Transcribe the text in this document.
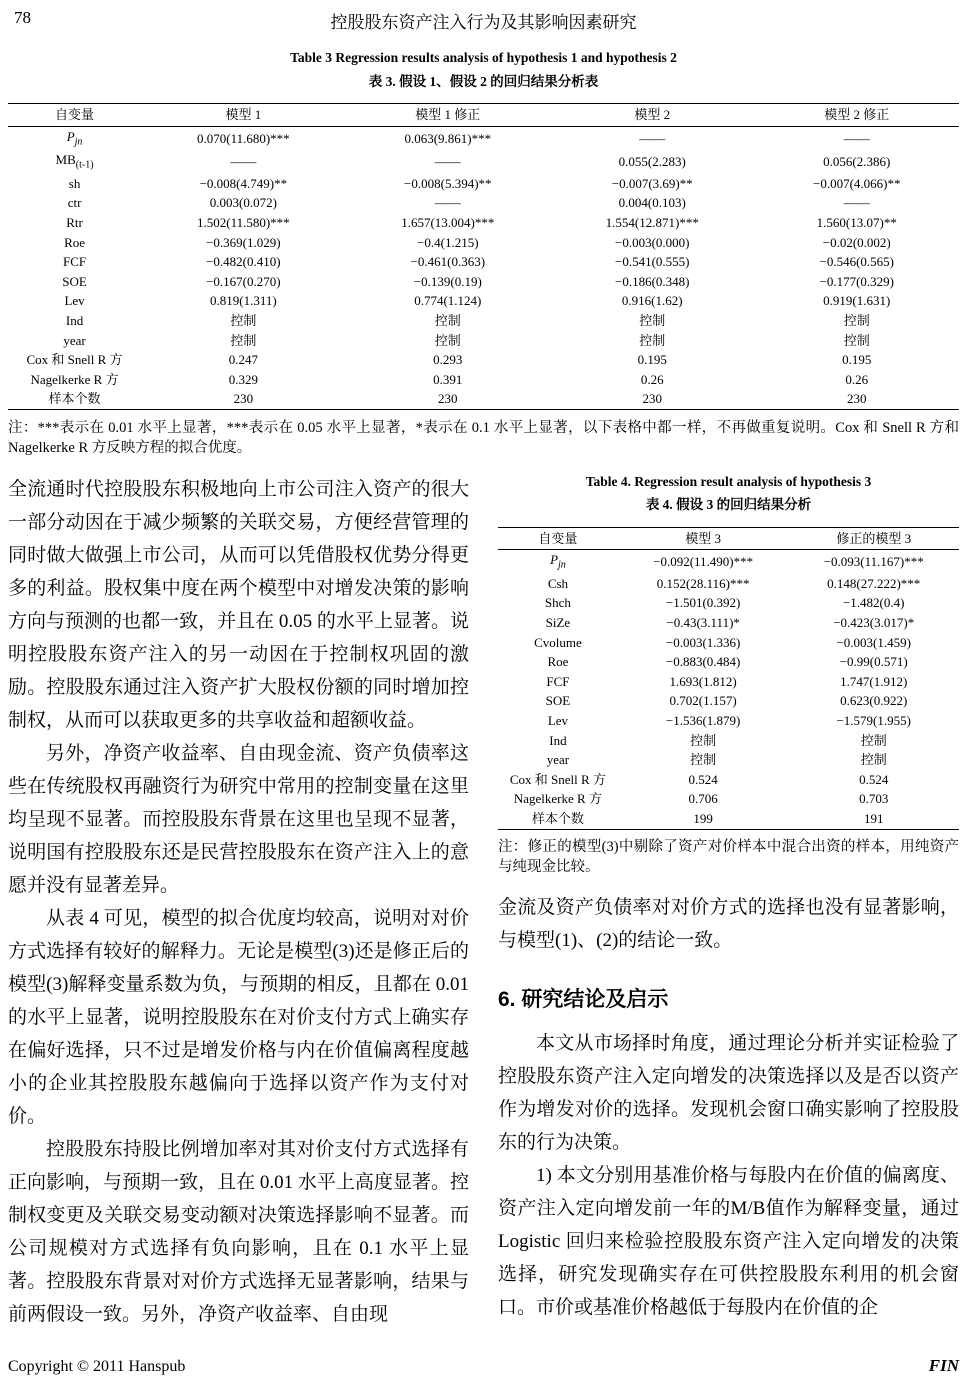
78	控股股东资产注入行为及其影响因素研究
Table 3 Regression results analysis of hypothesis 1 and hypothesis 2
表 3. 假设 1、假设 2 的回归结果分析表
自变量	模型 1	模型 1 修正	模型 2	模型 2 修正
$P_{jn}$	0.070(11.680)***	0.063(9.861)***	——	——
$MB_{(t-1)}$	——	——	0.055(2.283)	0.056(2.386)
sh	−0.008(4.749)**	−0.008(5.394)**	−0.007(3.69)**	−0.007(4.066)**
ctr	0.003(0.072)	——	0.004(0.103)	——
Rtr	1.502(11.580)***	1.657(13.004)***	1.554(12.871)***	1.560(13.07)**
Roe	−0.369(1.029)	−0.4(1.215)	−0.003(0.000)	−0.02(0.002)
FCF	−0.482(0.410)	−0.461(0.363)	−0.541(0.555)	−0.546(0.565)
SOE	−0.167(0.270)	−0.139(0.19)	−0.186(0.348)	−0.177(0.329)
Lev	0.819(1.311)	0.774(1.124)	0.916(1.62)	0.919(1.631)
Ind	控制	控制	控制	控制
year	控制	控制	控制	控制
Cox 和 Snell R 方	0.247	0.293	0.195	0.195
Nagelkerke R 方	0.329	0.391	0.26	0.26
样本个数	230	230	230	230

注：***表示在 0.01 水平上显著，***表示在 0.05 水平上显著，*表示在 0.1 水平上显著，以下表格中都一样，不再做重复说明。Cox 和 Snell R 方和 Nagelkerke R 方反映方程的拟合优度。

全流通时代控股股东积极地向上市公司注入资产的很大一部分动因在于减少频繁的关联交易，方便经营管理的同时做大做强上市公司，从而可以凭借股权优势分得更多的利益。股权集中度在两个模型中对增发决策的影响方向与预测的也都一致，并且在 0.05 的水平上显著。说明控股股东资产注入的另一动因在于控制权巩固的激励。控股股东通过注入资产扩大股权份额的同时增加控制权，从而可以获取更多的共享收益和超额收益。

另外，净资产收益率、自由现金流、资产负债率这些在传统股权再融资行为研究中常用的控制变量在这里均呈现不显著。而控股股东背景在这里也呈现不显著，说明国有控股股东还是民营控股股东在资产注入上的意愿并没有显著差异。

从表 4 可见，模型的拟合优度均较高，说明对对价方式选择有较好的解释力。无论是模型(3)还是修正后的模型(3)解释变量系数为负，与预期的相反，且都在 0.01 的水平上显著，说明控股股东在对价支付方式上确实存在偏好选择，只不过是增发价格与内在价值偏离程度越小的企业其控股股东越偏向于选择以资产作为支付对价。

控股股东持股比例增加率对其对价支付方式选择有正向影响，与预期一致，且在 0.01 水平上高度显著。控制权变更及关联交易变动额对决策选择影响不显著。而公司规模对方式选择有负向影响，且在 0.1 水平上显著。控股股东背景对对价方式选择无显著影响，结果与前两假设一致。另外，净资产收益率、自由现

Table 4. Regression result analysis of hypothesis 3
表 4. 假设 3 的回归结果分析
自变量	模型 3	修正的模型 3
$P_{jn}$	−0.092(11.490)***	−0.093(11.167)***
Csh	0.152(28.116)***	0.148(27.222)***
Shch	−1.501(0.392)	−1.482(0.4)
SiZe	−0.43(3.111)*	−0.423(3.017)*
Cvolume	−0.003(1.336)	−0.003(1.459)
Roe	−0.883(0.484)	−0.99(0.571)
FCF	1.693(1.812)	1.747(1.912)
SOE	0.702(1.157)	0.623(0.922)
Lev	−1.536(1.879)	−1.579(1.955)
Ind	控制	控制
year	控制	控制
Cox 和 Snell R 方	0.524	0.524
Nagelkerke R 方	0.706	0.703
样本个数	199	191

注：修正的模型(3)中剔除了资产对价样本中混合出资的样本，用纯资产与纯现金比较。

金流及资产负债率对对价方式的选择也没有显著影响，与模型(1)、(2)的结论一致。

6. 研究结论及启示

本文从市场择时角度，通过理论分析并实证检验了控股股东资产注入定向增发的决策选择以及是否以资产作为增发对价的选择。发现机会窗口确实影响了控股股东的行为决策。

1) 本文分别用基准价格与每股内在价值的偏离度、资产注入定向增发前一年的M/B值作为解释变量，通过 Logistic 回归来检验控股股东资产注入定向增发的决策选择，研究发现确实存在可供控股股东利用的机会窗口。市价或基准价格越低于每股内在价值的企

Copyright © 2011 Hanspub	FIN
